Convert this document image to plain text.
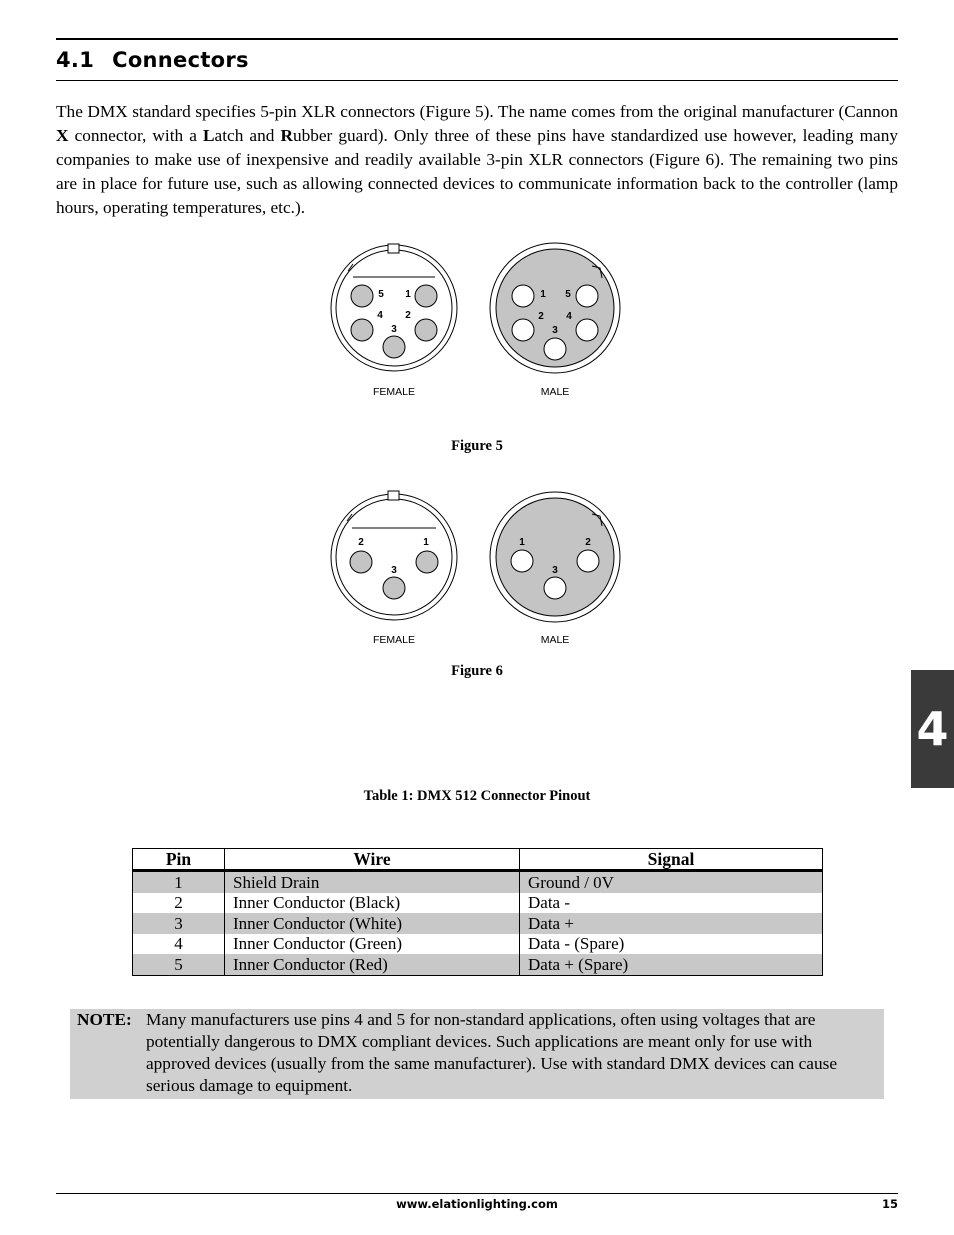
4.1 Connectors

The DMX standard specifies 5-pin XLR connectors (Figure 5). The name comes from the original manufacturer (Cannon X connector, with a Latch and Rubber guard). Only three of these pins have standardized use however, leading many companies to make use of inexpensive and readily available 3-pin XLR connectors (Figure 6). The remaining two pins are in place for future use, such as allowing connected devices to communicate information back to the controller (lamp hours, operating temperatures, etc.).

5 1
4 2
3
FEMALE
1 5
2 4
3
MALE
Figure 5
2	1
3
FEMALE
1	2
3
MALE
Figure 6
4
Table 1: DMX 512 Connector Pinout
Pin	Wire	Signal
1	Shield Drain	Ground / 0V
2	Inner Conductor (Black)	Data -
3	Inner Conductor (White)	Data +
4	Inner Conductor (Green)	Data - (Spare)
5	Inner Conductor (Red)	Data + (Spare)
NOTE: Many manufacturers use pins 4 and 5 for non-standard applications, often using voltages that are potentially dangerous to DMX compliant devices. Such applications are meant only for use with approved devices (usually from the same manufacturer). Use with standard DMX devices can cause serious damage to equipment.
www.elationlighting.com	15
